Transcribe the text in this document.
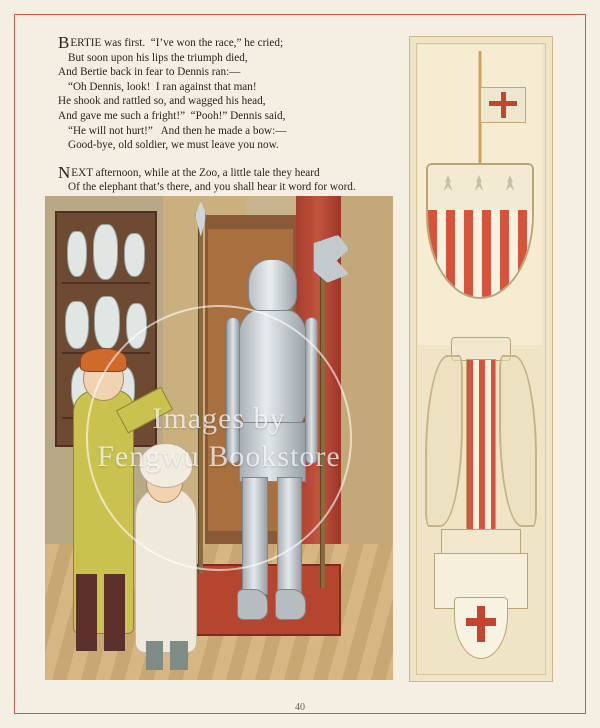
BERTIE was first.  “I’ve won the race,” he cried;
But soon upon his lips the triumph died,
And Bertie back in fear to Dennis ran:—
“Oh Dennis, look!  I ran against that man!
He shook and rattled so, and wagged his head,
And gave me such a fright!”  “Pooh!” Dennis said,
“He will not hurt!”   And then he made a bow:—
Good-bye, old soldier, we must leave you now.
NEXT afternoon, while at the Zoo, a little tale they heard
Of the elephant that’s there, and you shall hear it word for word.
Images by
Fengwu Bookstore
40
